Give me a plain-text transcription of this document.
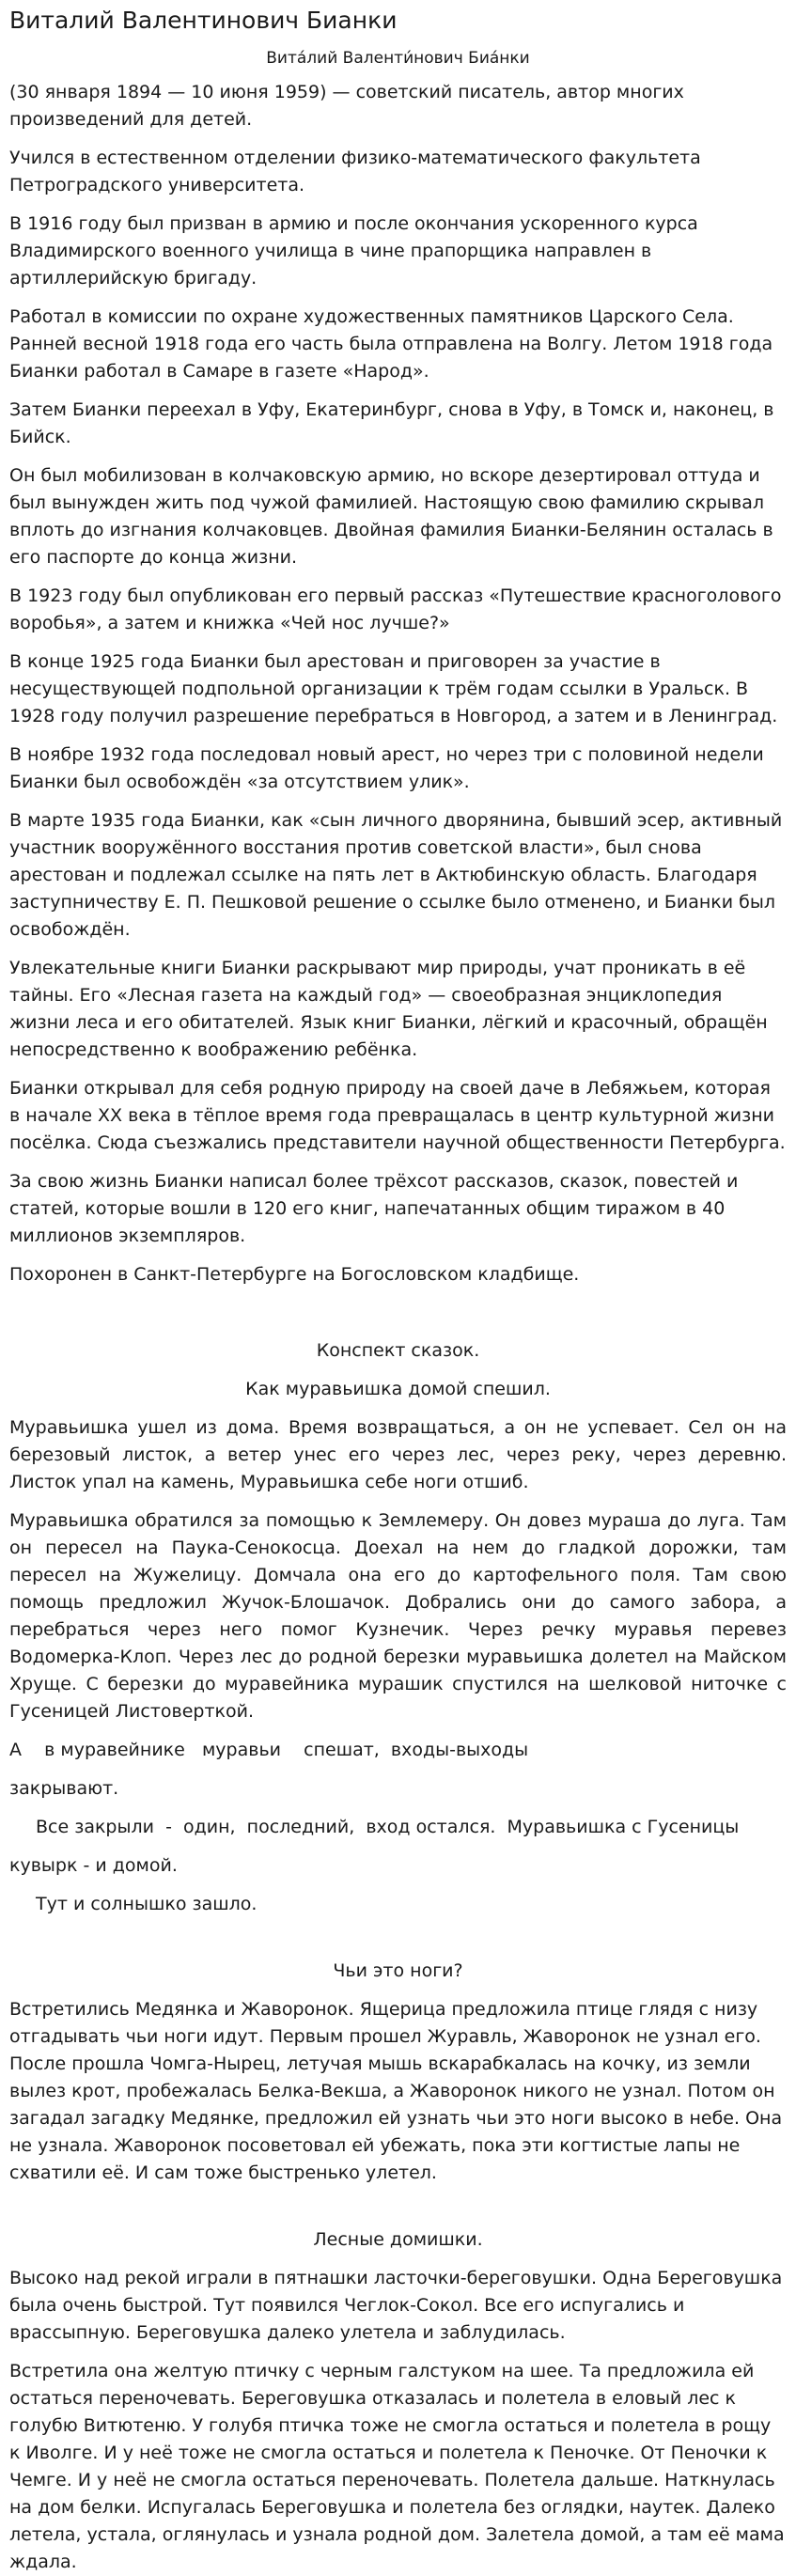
Виталий Валентинович Бианки
Вита́лий Валенти́нович Биа́нки

(30 января 1894 — 10 июня 1959) — советский писатель, автор многих произведений для детей.

Учился в естественном отделении физико-математического факультета Петроградского университета.

В 1916 году был призван в армию и после окончания ускоренного курса Владимирского военного училища в чине прапорщика направлен в артиллерийскую бригаду.

Работал в комиссии по охране художественных памятников Царского Села. Ранней весной 1918 года его часть была отправлена на Волгу. Летом 1918 года Бианки работал в Самаре в газете «Народ».

Затем Бианки переехал в Уфу, Екатеринбург, снова в Уфу, в Томск и, наконец, в Бийск.

Он был мобилизован в колчаковскую армию, но вскоре дезертировал оттуда и был вынужден жить под чужой фамилией. Настоящую свою фамилию скрывал вплоть до изгнания колчаковцев. Двойная фамилия Бианки-Белянин осталась в его паспорте до конца жизни.

В 1923 году был опубликован его первый рассказ «Путешествие красноголового воробья», а затем и книжка «Чей нос лучше?»

В конце 1925 года Бианки был арестован и приговорен за участие в несуществующей подпольной организации к трём годам ссылки в Уральск. В 1928 году получил разрешение перебраться в Новгород, а затем и в Ленинград.

В ноябре 1932 года последовал новый арест, но через три с половиной недели Бианки был освобождён «за отсутствием улик».

В марте 1935 года Бианки, как «сын личного дворянина, бывший эсер, активный участник вооружённого восстания против советской власти», был снова арестован и подлежал ссылке на пять лет в Актюбинскую область. Благодаря заступничеству Е. П. Пешковой решение о ссылке было отменено, и Бианки был освобождён.

Увлекательные книги Бианки раскрывают мир природы, учат проникать в её тайны. Его «Лесная газета на каждый год» — своеобразная энциклопедия жизни леса и его обитателей. Язык книг Бианки, лёгкий и красочный, обращён непосредственно к воображению ребёнка.

Бианки открывал для себя родную природу на своей даче в Лебяжьем, которая в начале XX века в тёплое время года превращалась в центр культурной жизни посёлка. Сюда съезжались представители научной общественности Петербурга.

За свою жизнь Бианки написал более трёхсот рассказов, сказок, повестей и статей, которые вошли в 120 его книг, напечатанных общим тиражом в 40 миллионов экземпляров.

Похоронен в Санкт-Петербурге на Богословском кладбище.

Конспект сказок.
Как муравьишка домой спешил.

Муравьишка ушел из дома. Время возвращаться, а он не успевает. Сел он на березовый листок, а ветер унес его через лес, через реку, через деревню. Листок упал на камень, Муравьишка себе ноги отшиб.

Муравьишка обратился за помощью к Землемеру. Он довез мураша до луга. Там он пересел на Паука-Сенокосца. Доехал на нем до гладкой дорожки, там пересел на Жужелицу. Домчала она его до картофельного поля. Там свою помощь предложил Жучок-Блошачок. Добрались они до самого забора, а перебраться через него помог Кузнечик. Через речку муравья перевез Водомерка-Клоп. Через лес до родной березки муравьишка долетел на Майском Хруще. С березки до муравейника мурашик спустился на шелковой ниточке с Гусеницей Листоверткой.

А    в муравейнике   муравьи    спешат,  входы-выходы

закрывают.

Все закрыли  -  один,  последний,  вход остался.  Муравьишка с Гусеницы

кувырк - и домой.

Тут и солнышко зашло.

Чьи это ноги?

Встретились Медянка и Жаворонок. Ящерица предложила птице глядя с низу отгадывать чьи ноги идут. Первым прошел Журавль, Жаворонок не узнал его. После прошла Чомга-Нырец, летучая мышь вскарабкалась на кочку, из земли вылез крот, пробежалась Белка-Векша, а Жаворонок никого не узнал. Потом он загадал загадку Медянке, предложил ей узнать чьи это ноги высоко в небе. Она не узнала. Жаворонок посоветовал ей убежать, пока эти когтистые лапы не схватили её. И сам тоже быстренько улетел.

Лесные домишки.

Высоко над рекой играли в пятнашки ласточки-береговушки. Одна Береговушка была очень быстрой. Тут появился Чеглок-Сокол. Все его испугались и врассыпную. Береговушка далеко улетела и заблудилась.

Встретила она желтую птичку с черным галстуком на шее. Та предложила ей остаться переночевать. Береговушка отказалась и полетела в еловый лес к голубю Витютеню. У голубя птичка тоже не смогла остаться и полетела в рощу к Иволге. И у неё тоже не смогла остаться и полетела к Пеночке. От Пеночки к Чемге. И у неё не смогла остаться переночевать. Полетела дальше. Наткнулась на дом белки. Испугалась Береговушка и полетела без оглядки, наутек. Далеко летела, устала, оглянулась и узнала родной дом. Залетела домой, а там её мама ждала.
